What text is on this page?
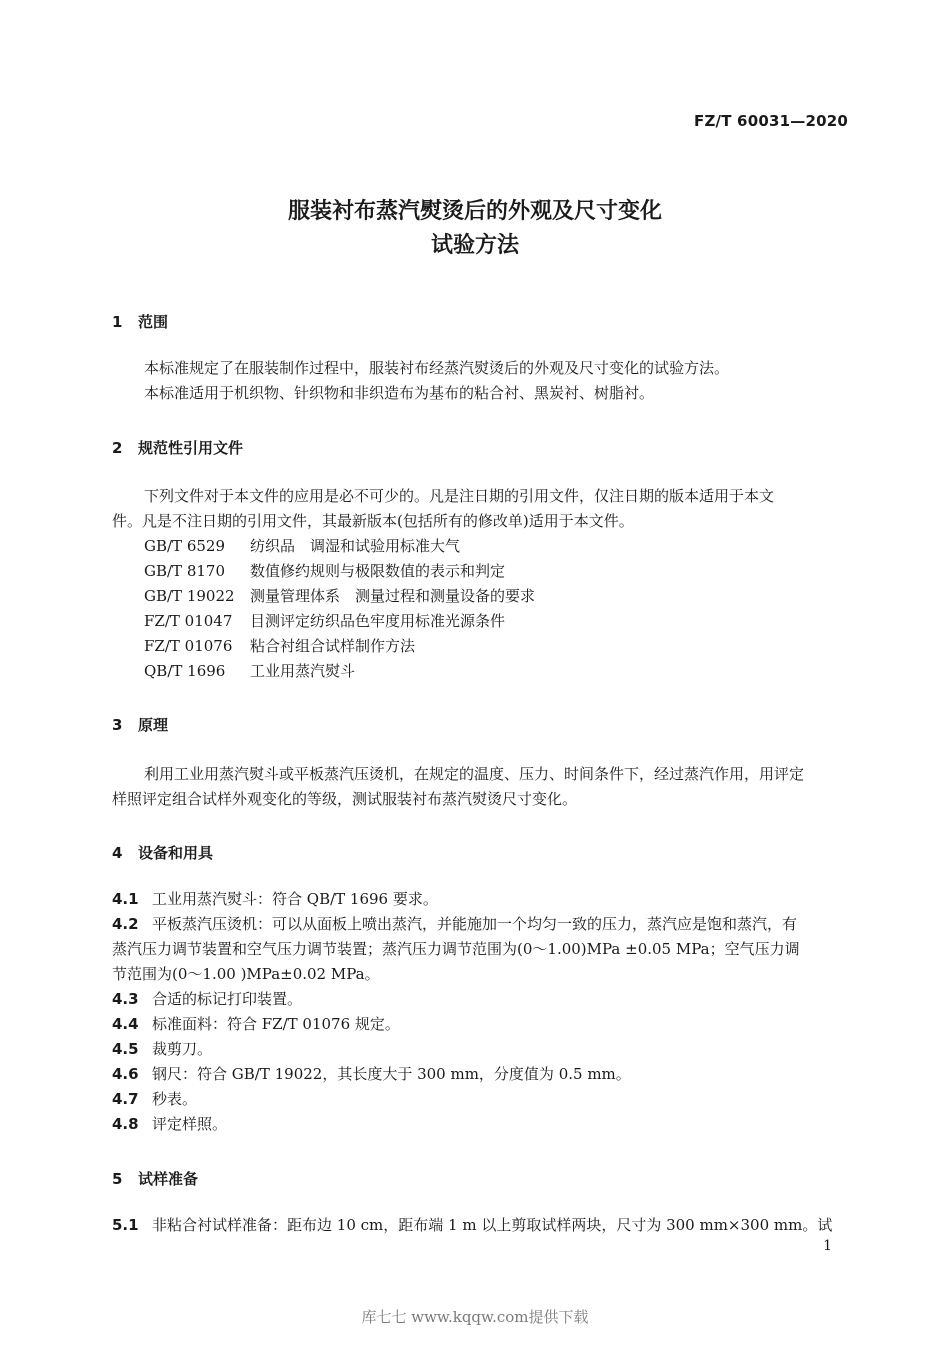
FZ/T 60031—2020
服装衬布蒸汽熨烫后的外观及尺寸变化
试验方法
1 范围
本标准规定了在服装制作过程中，服装衬布经蒸汽熨烫后的外观及尺寸变化的试验方法。
本标准适用于机织物、针织物和非织造布为基布的粘合衬、黑炭衬、树脂衬。
2 规范性引用文件
下列文件对于本文件的应用是必不可少的。凡是注日期的引用文件，仅注日期的版本适用于本文
件。凡是不注日期的引用文件，其最新版本(包括所有的修改单)适用于本文件。
GB/T 6529 纺织品　调湿和试验用标准大气
GB/T 8170 数值修约规则与极限数值的表示和判定
GB/T 19022 测量管理体系　测量过程和测量设备的要求
FZ/T 01047 目测评定纺织品色牢度用标准光源条件
FZ/T 01076 粘合衬组合试样制作方法
QB/T 1696 工业用蒸汽熨斗
3 原理
利用工业用蒸汽熨斗或平板蒸汽压烫机，在规定的温度、压力、时间条件下，经过蒸汽作用，用评定
样照评定组合试样外观变化的等级，测试服装衬布蒸汽熨烫尺寸变化。
4 设备和用具
4.1 工业用蒸汽熨斗：符合 QB/T 1696 要求。
4.2 平板蒸汽压烫机：可以从面板上喷出蒸汽，并能施加一个均匀一致的压力，蒸汽应是饱和蒸汽，有
蒸汽压力调节装置和空气压力调节装置；蒸汽压力调节范围为(0～1.00)MPa ±0.05 MPa；空气压力调
节范围为(0～1.00 )MPa±0.02 MPa。
4.3 合适的标记打印装置。
4.4 标准面料：符合 FZ/T 01076 规定。
4.5 裁剪刀。
4.6 钢尺：符合 GB/T 19022，其长度大于 300 mm，分度值为 0.5 mm。
4.7 秒表。
4.8 评定样照。
5 试样准备
5.1 非粘合衬试样准备：距布边 10 cm，距布端 1 m 以上剪取试样两块，尺寸为 300 mm×300 mm。试
1
库七七 www.kqqw.com提供下载
